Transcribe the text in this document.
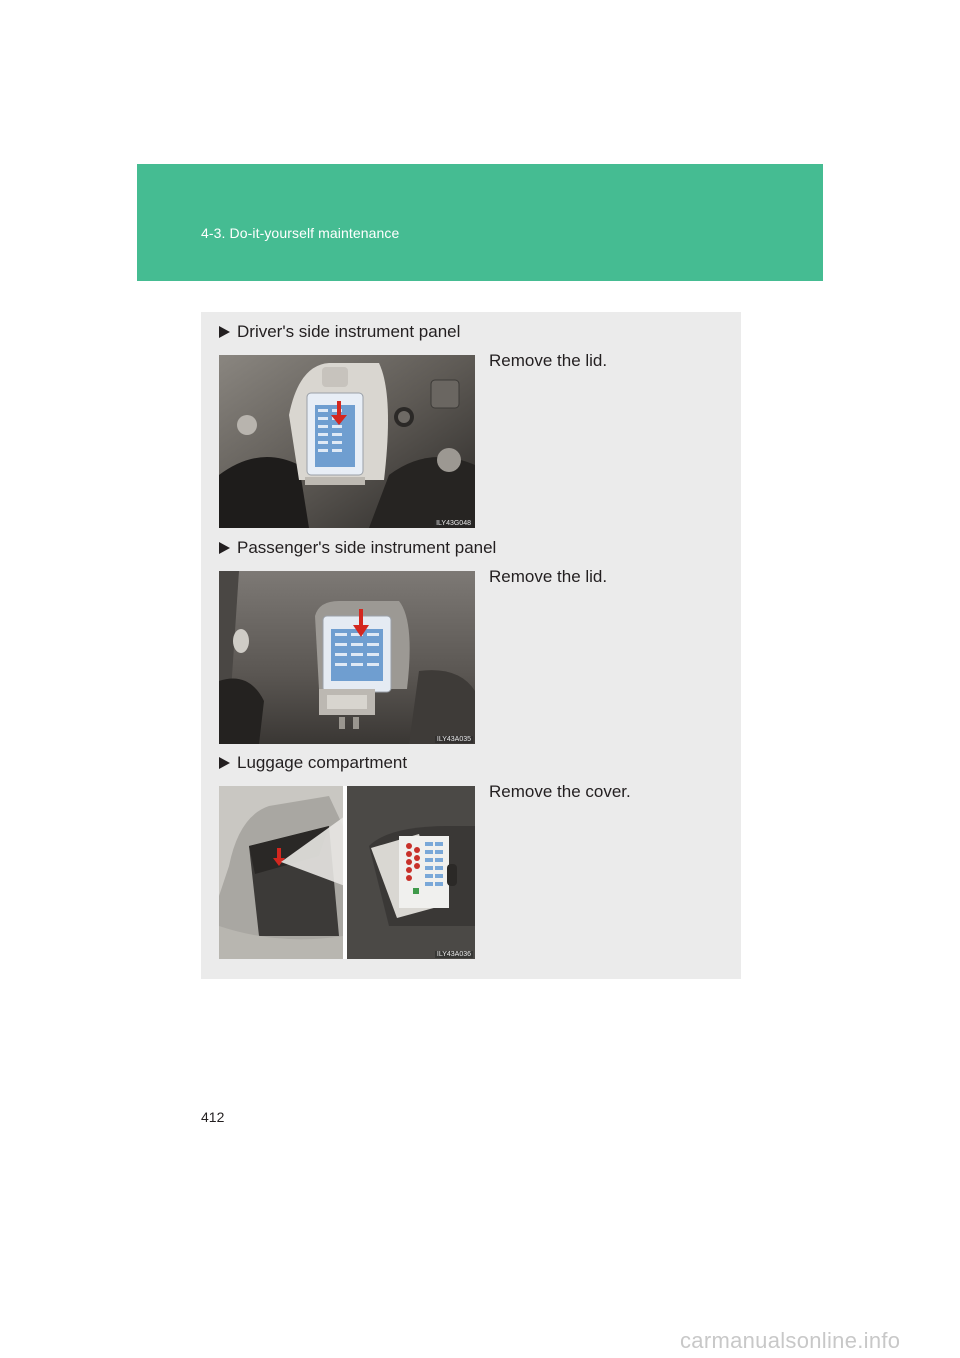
4-3. Do-it-yourself maintenance
Driver's side instrument panel
ILY43G048
Remove the lid.
Passenger's side instrument panel
ILY43A035
Remove the lid.
Luggage compartment
ILY43A036
Remove the cover.
412
carmanualsonline.info
